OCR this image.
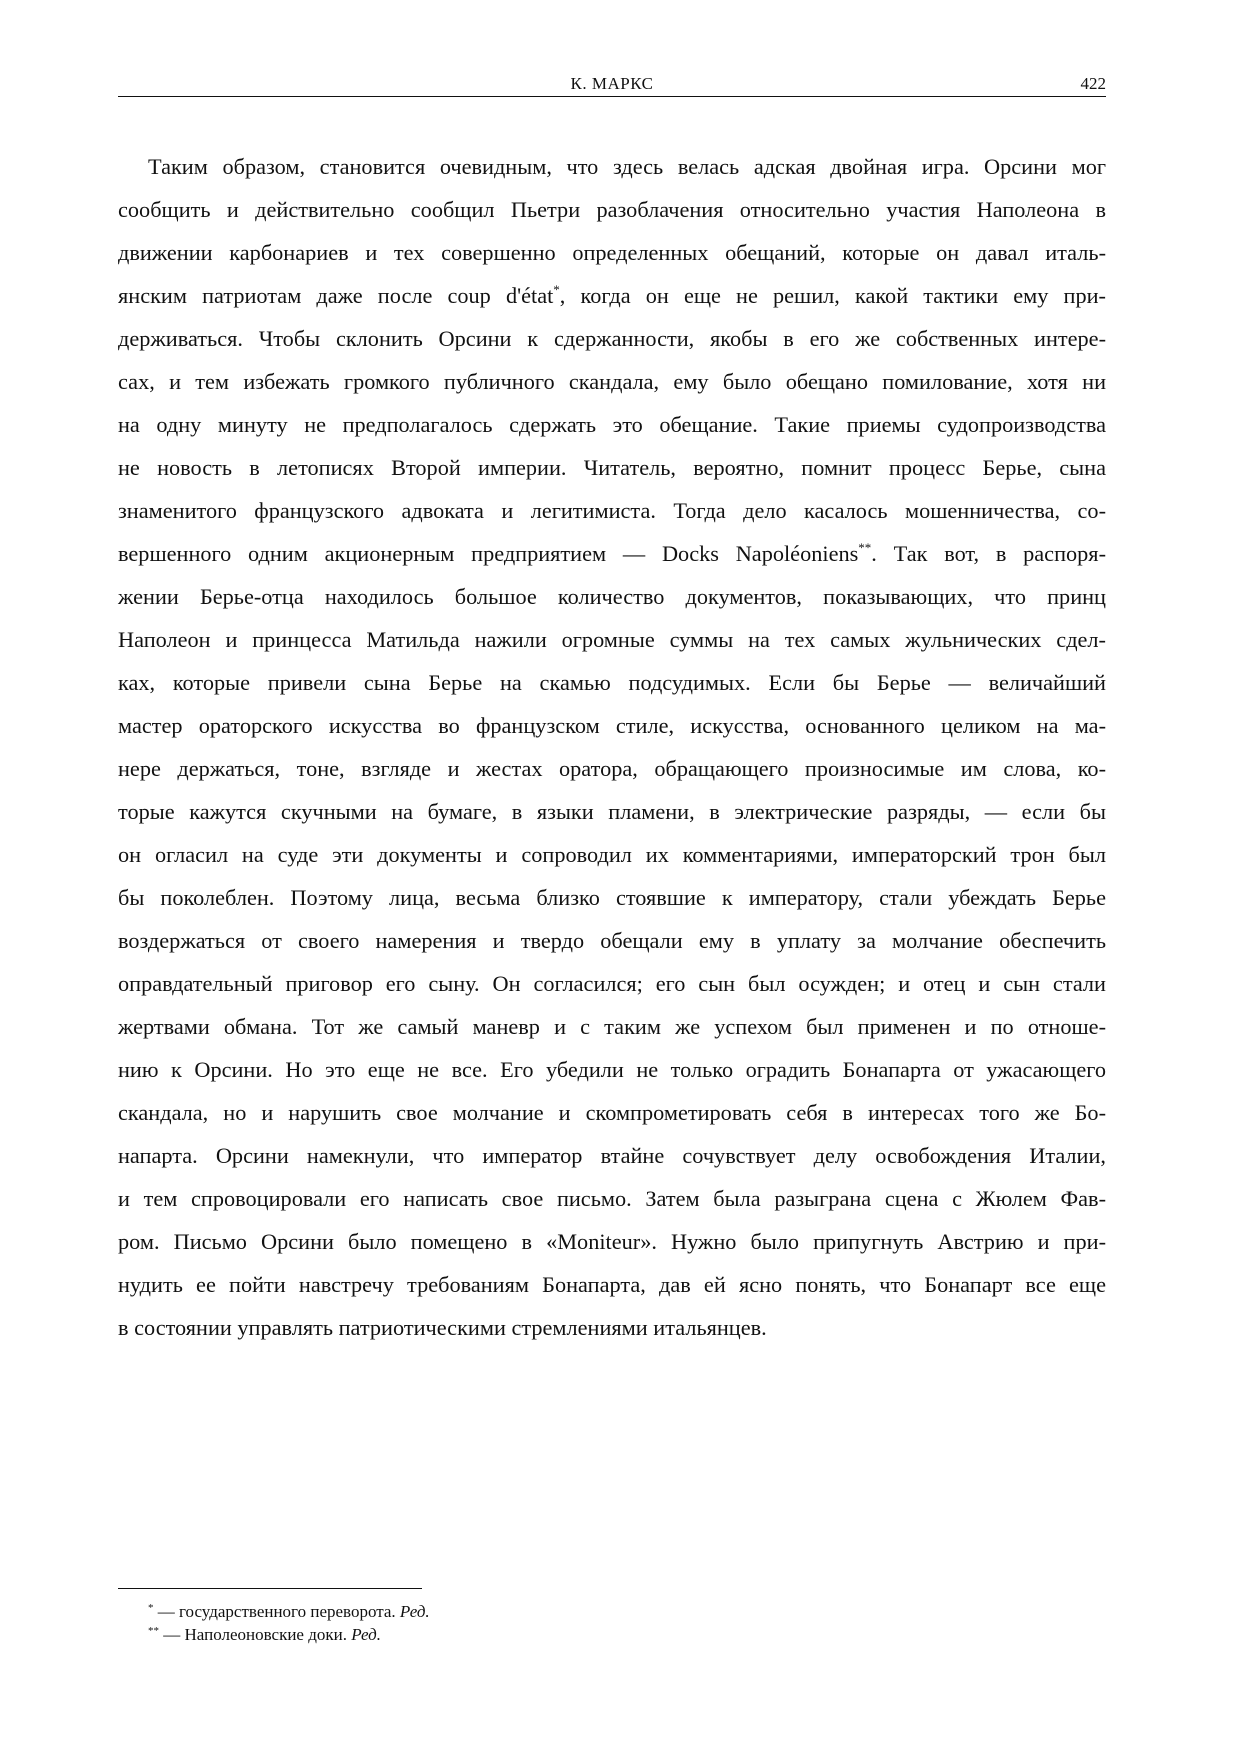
К. МАРКС	422
Таким образом, становится очевидным, что здесь велась адская двойная игра. Орсини мог
сообщить и действительно сообщил Пьетри разоблачения относительно участия Наполеона в
движении карбонариев и тех совершенно определенных обещаний, которые он давал италь-
янским патриотам даже после coup d'état*, когда он еще не решил, какой тактики ему при-
держиваться. Чтобы склонить Орсини к сдержанности, якобы в его же собственных интере-
сах, и тем избежать громкого публичного скандала, ему было обещано помилование, хотя ни
на одну минуту не предполагалось сдержать это обещание. Такие приемы судопроизводства
не новость в летописях Второй империи. Читатель, вероятно, помнит процесс Берье, сына
знаменитого французского адвоката и легитимиста. Тогда дело касалось мошенничества, со-
вершенного одним акционерным предприятием — Docks Napoléoniens**. Так вот, в распоря-
жении Берье-отца находилось большое количество документов, показывающих, что принц
Наполеон и принцесса Матильда нажили огромные суммы на тех самых жульнических сдел-
ках, которые привели сына Берье на скамью подсудимых. Если бы Берье — величайший
мастер ораторского искусства во французском стиле, искусства, основанного целиком на ма-
нере держаться, тоне, взгляде и жестах оратора, обращающего произносимые им слова, ко-
торые кажутся скучными на бумаге, в языки пламени, в электрические разряды, — если бы
он огласил на суде эти документы и сопроводил их комментариями, императорский трон был
бы поколеблен. Поэтому лица, весьма близко стоявшие к императору, стали убеждать Берье
воздержаться от своего намерения и твердо обещали ему в уплату за молчание обеспечить
оправдательный приговор его сыну. Он согласился; его сын был осужден; и отец и сын стали
жертвами обмана. Тот же самый маневр и с таким же успехом был применен и по отноше-
нию к Орсини. Но это еще не все. Его убедили не только оградить Бонапарта от ужасающего
скандала, но и нарушить свое молчание и скомпрометировать себя в интересах того же Бо-
напарта. Орсини намекнули, что император втайне сочувствует делу освобождения Италии,
и тем спровоцировали его написать свое письмо. Затем была разыграна сцена с Жюлем Фав-
ром. Письмо Орсини было помещено в «Moniteur». Нужно было припугнуть Австрию и при-
нудить ее пойти навстречу требованиям Бонапарта, дав ей ясно понять, что Бонапарт все еще
в состоянии управлять патриотическими стремлениями итальянцев.
* — государственного переворота. Ред.
** — Наполеоновские доки. Ред.
